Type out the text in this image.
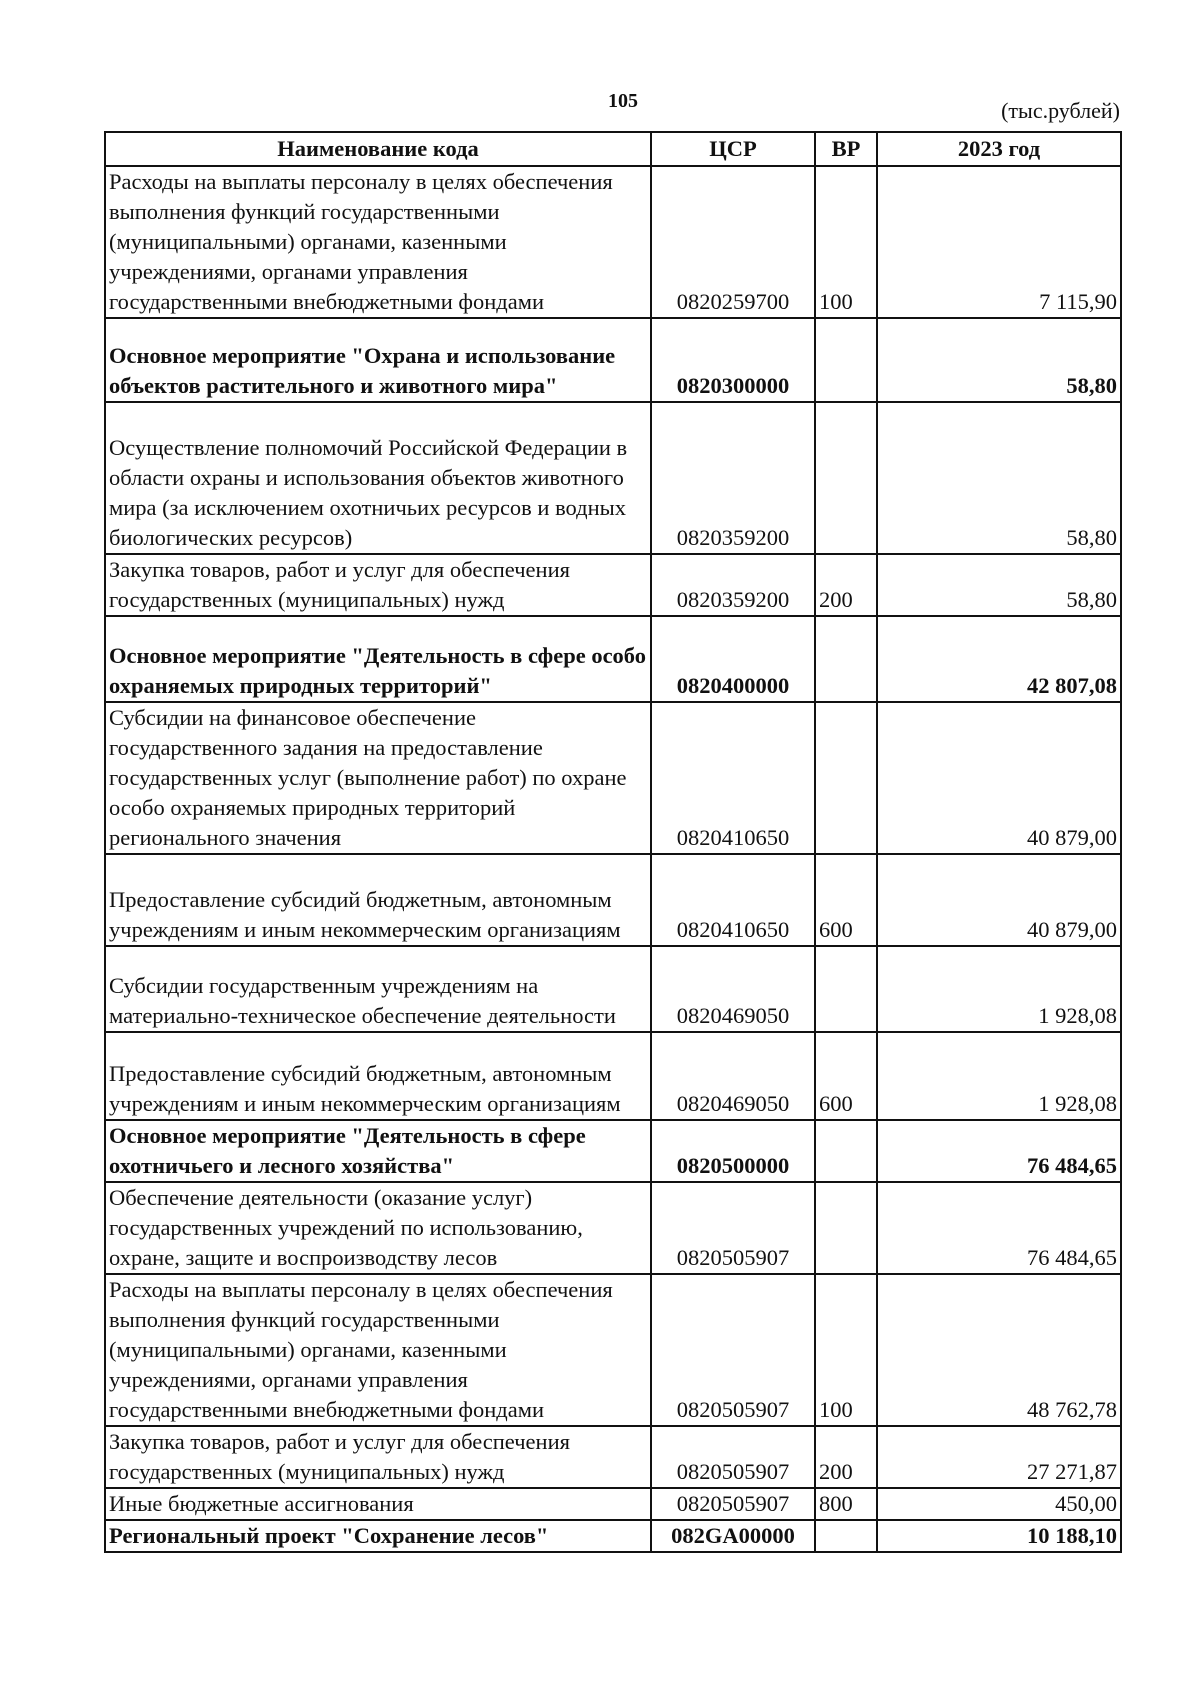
105	(тыс.рублей)
Наименование кода	ЦСР	ВР	2023 год
Расходы на выплаты персоналу в целях обеспечения выполнения функций государственными (муниципальными) органами, казенными учреждениями, органами управления государственными внебюджетными фондами	0820259700	100	7 115,90
Основное мероприятие "Охрана и использование объектов растительного и животного мира"	0820300000		58,80
Осуществление полномочий Российской Федерации в области охраны и использования объектов животного мира (за исключением охотничьих ресурсов и водных биологических ресурсов)	0820359200		58,80
Закупка товаров, работ и услуг для обеспечения государственных (муниципальных) нужд	0820359200	200	58,80
Основное мероприятие "Деятельность в сфере особо охраняемых природных территорий"	0820400000		42 807,08
Субсидии на финансовое обеспечение государственного задания на предоставление государственных услуг (выполнение работ) по охране особо охраняемых природных территорий регионального значения	0820410650		40 879,00
Предоставление субсидий бюджетным, автономным учреждениям и иным некоммерческим организациям	0820410650	600	40 879,00
Субсидии государственным учреждениям на материально-техническое обеспечение деятельности	0820469050		1 928,08
Предоставление субсидий бюджетным, автономным учреждениям и иным некоммерческим организациям	0820469050	600	1 928,08
Основное мероприятие "Деятельность в сфере охотничьего и лесного хозяйства"	0820500000		76 484,65
Обеспечение деятельности (оказание услуг) государственных учреждений по использованию, охране, защите и воспроизводству лесов	0820505907		76 484,65
Расходы на выплаты персоналу в целях обеспечения выполнения функций государственными (муниципальными) органами, казенными учреждениями, органами управления государственными внебюджетными фондами	0820505907	100	48 762,78
Закупка товаров, работ и услуг для обеспечения государственных (муниципальных) нужд	0820505907	200	27 271,87
Иные бюджетные ассигнования	0820505907	800	450,00
Региональный проект "Сохранение лесов"	082GA00000		10 188,10
